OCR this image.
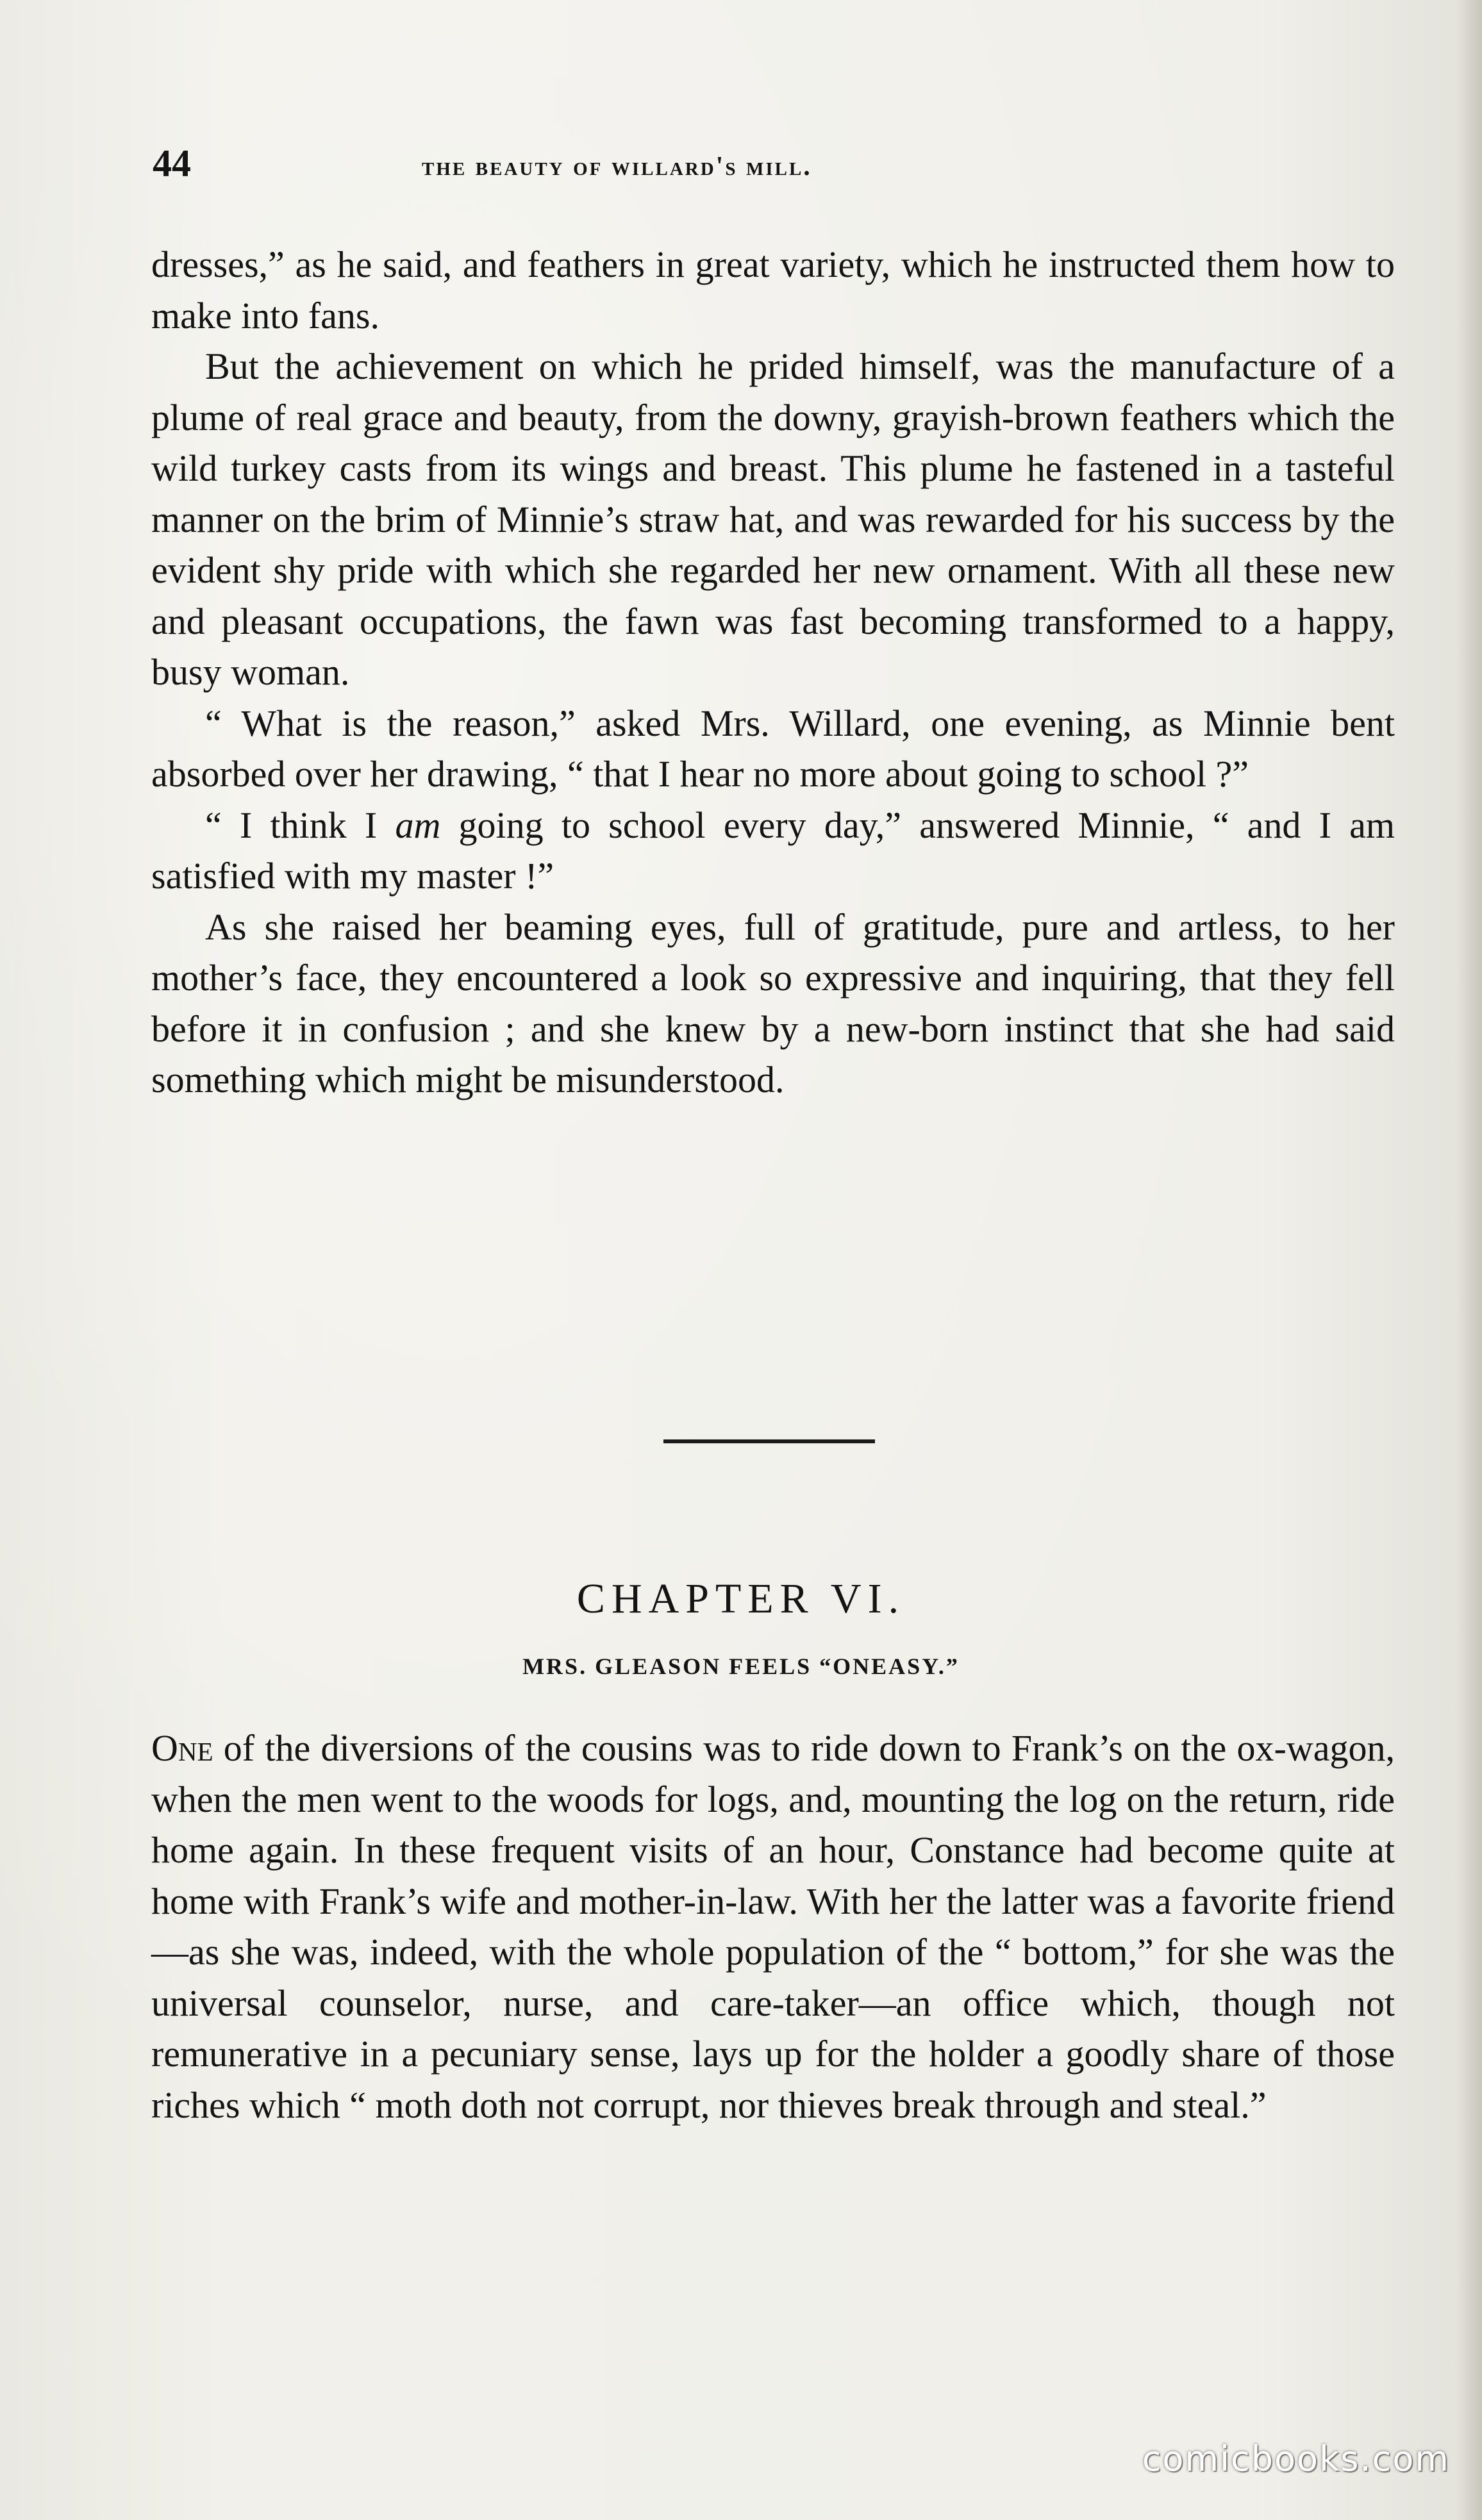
44	the beauty of willard's mill.

dresses,” as he said, and feathers in great variety, which he instructed them how to make into fans.

But the achievement on which he prided himself, was the manufacture of a plume of real grace and beauty, from the downy, grayish-brown feathers which the wild turkey casts from its wings and breast. This plume he fastened in a tasteful manner on the brim of Minnie’s straw hat, and was rewarded for his success by the evident shy pride with which she regarded her new ornament. With all these new and pleasant occupations, the fawn was fast becoming transformed to a happy, busy woman.

“ What is the reason,” asked Mrs. Willard, one evening, as Minnie bent absorbed over her drawing, “ that I hear no more about going to school ?”

“ I think I am going to school every day,” answered Minnie, “ and I am satisfied with my master !”

As she raised her beaming eyes, full of gratitude, pure and artless, to her mother’s face, they encountered a look so expressive and inquiring, that they fell before it in confusion ; and she knew by a new-born instinct that she had said something which might be misunderstood.

CHAPTER VI.
MRS. GLEASON FEELS “ONEASY.”

One of the diversions of the cousins was to ride down to Frank’s on the ox-wagon, when the men went to the woods for logs, and, mounting the log on the return, ride home again. In these frequent visits of an hour, Constance had become quite at home with Frank’s wife and mother-in-law. With her the latter was a favorite friend—as she was, indeed, with the whole population of the “ bottom,” for she was the universal counselor, nurse, and care-taker—an office which, though not remunerative in a pecuniary sense, lays up for the holder a goodly share of those riches which “ moth doth not corrupt, nor thieves break through and steal.”

comicbooks.com
